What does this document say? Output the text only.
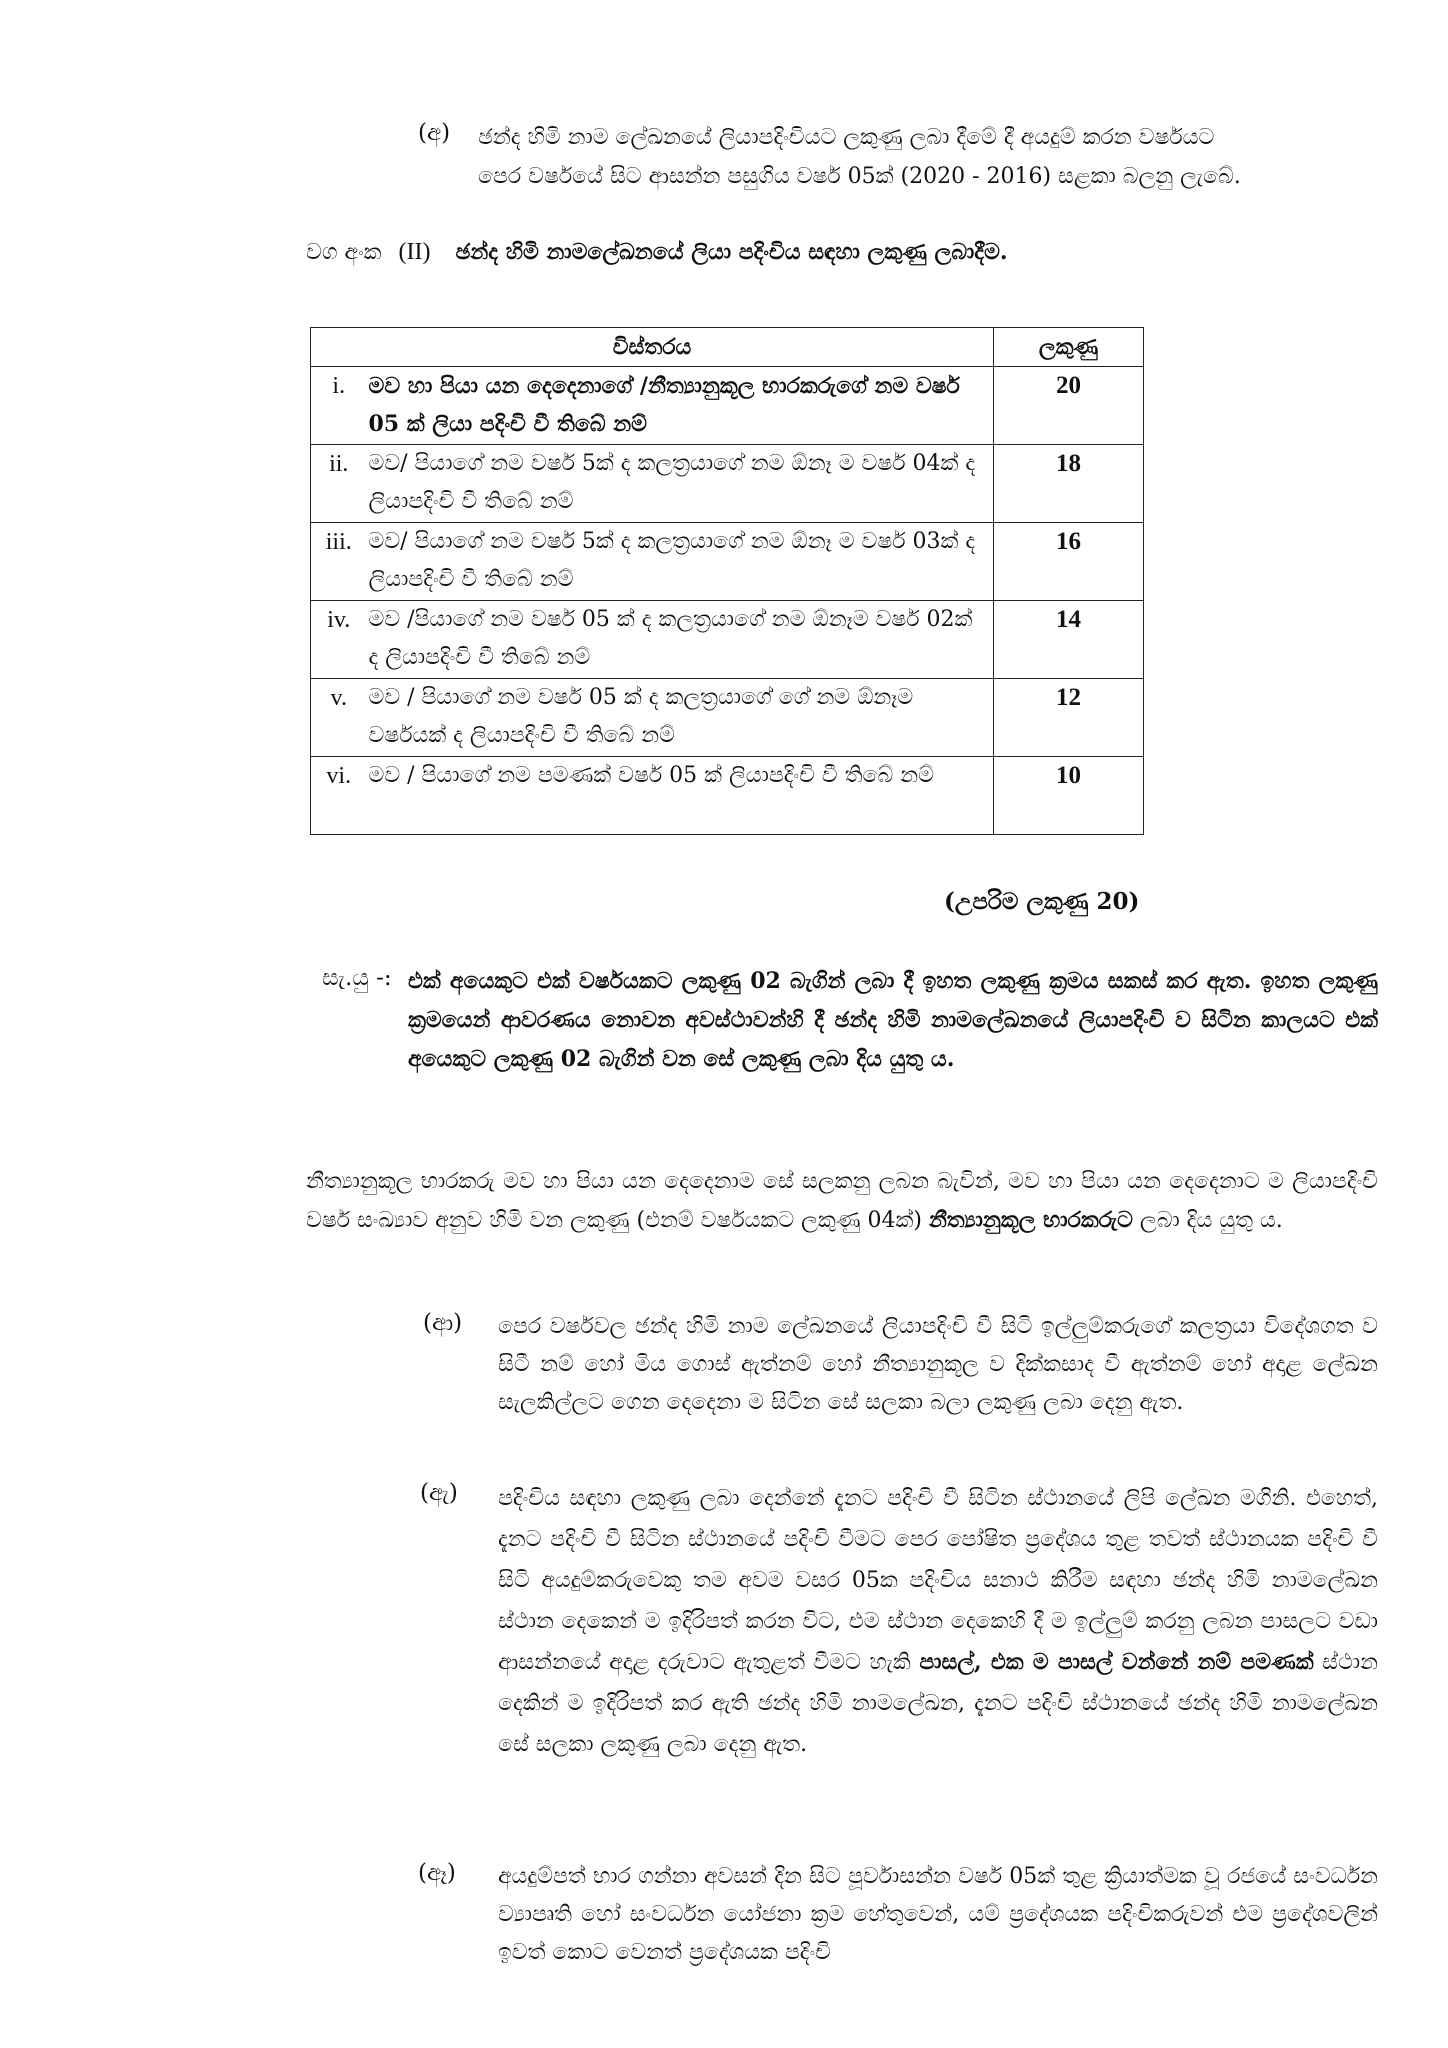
(අ) ඡන්ද හිමි නාම ලේඛනයේ ලියාපදිංචියට ලකුණු ලබා දීමේ දී අයදුම් කරන වර්ෂයට
පෙර වර්ෂයේ සිට ආසන්න පසුගිය වර්ෂ 05ක් (2020 - 2016) සළකා බලනු ලැබේ.
වග අංක (II) ඡන්ද හිමි නාමලේඛනයේ ලියා පදිංචිය සඳහා ලකුණු ලබාදීම.
විස්තරය		ලකුණු
i.	මව හා පියා යන දෙදෙනාගේ /නීත්‍යානුකූල භාරකරුගේ නම වර්ෂ 05 ක් ලියා පදිංචි වී තිබේ නම්	20
ii.	මව/ පියාගේ නම වර්ෂ 5ක් ද කලත්‍රයාගේ නම ඕනෑ ම වර්ෂ 04ක් ද ලියාපදිංචි වී තිබේ නම්	18
iii.	මව/ පියාගේ නම වර්ෂ 5ක් ද කලත්‍රයාගේ නම ඕනෑ ම වර්ෂ 03ක් ද ලියාපදිංචි වී තිබේ නම්	16
iv.	මව /පියාගේ නම වර්ෂ 05 ක් ද කලත්‍රයාගේ නම ඕනෑම වර්ෂ 02ක් ද ලියාපදිංචි වී තිබේ නම්	14
v.	මව / පියාගේ නම වර්ෂ 05 ක් ද කලත්‍රයාගේ ගේ නම ඕනෑම වර්ෂයක් ද ලියාපදිංචි වී තිබේ නම්	12
vi.	මව / පියාගේ නම පමණක් වර්ෂ 05 ක් ලියාපදිංචි වී තිබේ නම්	10
(උපරිම ලකුණු 20)
සැ.යු -: එක් අයෙකුට එක් වර්ෂයකට ලකුණු 02 බැගින් ලබා දී ඉහත ලකුණු ක්‍රමය සකස් කර ඇත. ඉහත ලකුණු ක්‍රමයෙන් ආවරණය නොවන අවස්ථාවන්හි දී ඡන්ද හිමි නාමලේඛනයේ ලියාපදිංචි ව සිටින කාලයට එක් අයෙකුට ලකුණු 02 බැගින් වන සේ ලකුණු ලබා දිය යුතු ය.
නීත්‍යානුකූල භාරකරු මව හා පියා යන දෙදෙනාම සේ සලකනු ලබන බැවින්, මව හා පියා යන දෙදෙනාට ම ලියාපදිංචි වර්ෂ සංඛ්‍යාව අනුව හිමි වන ලකුණු (එනම් වර්ෂයකට ලකුණු 04ක්) නීත්‍යානුකූල භාරකරුට ලබා දිය යුතු ය.
(ආ) පෙර වර්ෂවල ඡන්ද හිමි නාම ලේඛනයේ ලියාපදිංචි වී සිටි ඉල්ලුම්කරුගේ කලත්‍රයා විදේශගත ව සිටී නම් හෝ මිය ගොස් ඇත්නම් හෝ නීත්‍යානුකූල ව දික්කසාද වී ඇත්නම් හෝ අදාළ ලේඛන සැලකිල්ලට ගෙන දෙදෙනා ම සිටින සේ සලකා බලා ලකුණු ලබා දෙනු ඇත.
(ඇ) පදිංචිය සඳහා ලකුණු ලබා දෙන්නේ දැනට පදිංචි වී සිටින ස්ථානයේ ලිපි ලේඛන මගිනි. එහෙත්, දැනට පදිංචි වී සිටින ස්ථානයේ පදිංචි වීමට පෙර පෝෂිත ප්‍රදේශය තුළ තවත් ස්ථානයක පදිංචි වී සිටි අයදුම්කරුවෙකු තම අවම වසර 05ක පදිංචිය සනාථ කිරීම සඳහා ඡන්ද හිමි නාමලේඛන ස්ථාන දෙකෙන් ම ඉදිරිපත් කරන විට, එම ස්ථාන දෙකෙහි දී ම ඉල්ලුම් කරනු ලබන පාසලට වඩා ආසන්නයේ අදාළ දරුවාට ඇතුළත් වීමට හැකි පාසල්, එක ම පාසල් වන්නේ නම් පමණක් ස්ථාන දෙකින් ම ඉදිරිපත් කර ඇති ඡන්ද හිමි නාමලේඛන, දැනට පදිංචි ස්ථානයේ ඡන්ද හිමි නාමලේඛන සේ සලකා ලකුණු ලබා දෙනු ඇත.
(ඈ) අයදුම්පත් භාර ගන්නා අවසන් දින සිට පූර්වාසන්න වර්ෂ 05ක් තුළ ක්‍රියාත්මක වූ රජයේ සංවර්ධන ව්‍යාපෘති හෝ සංවර්ධන යෝජනා ක්‍රම හේතුවෙන්, යම් ප්‍රදේශයක පදිංචිකරුවන් එම ප්‍රදේශවලින් ඉවත් කොට වෙනත් ප්‍රදේශයක පදිංචි
